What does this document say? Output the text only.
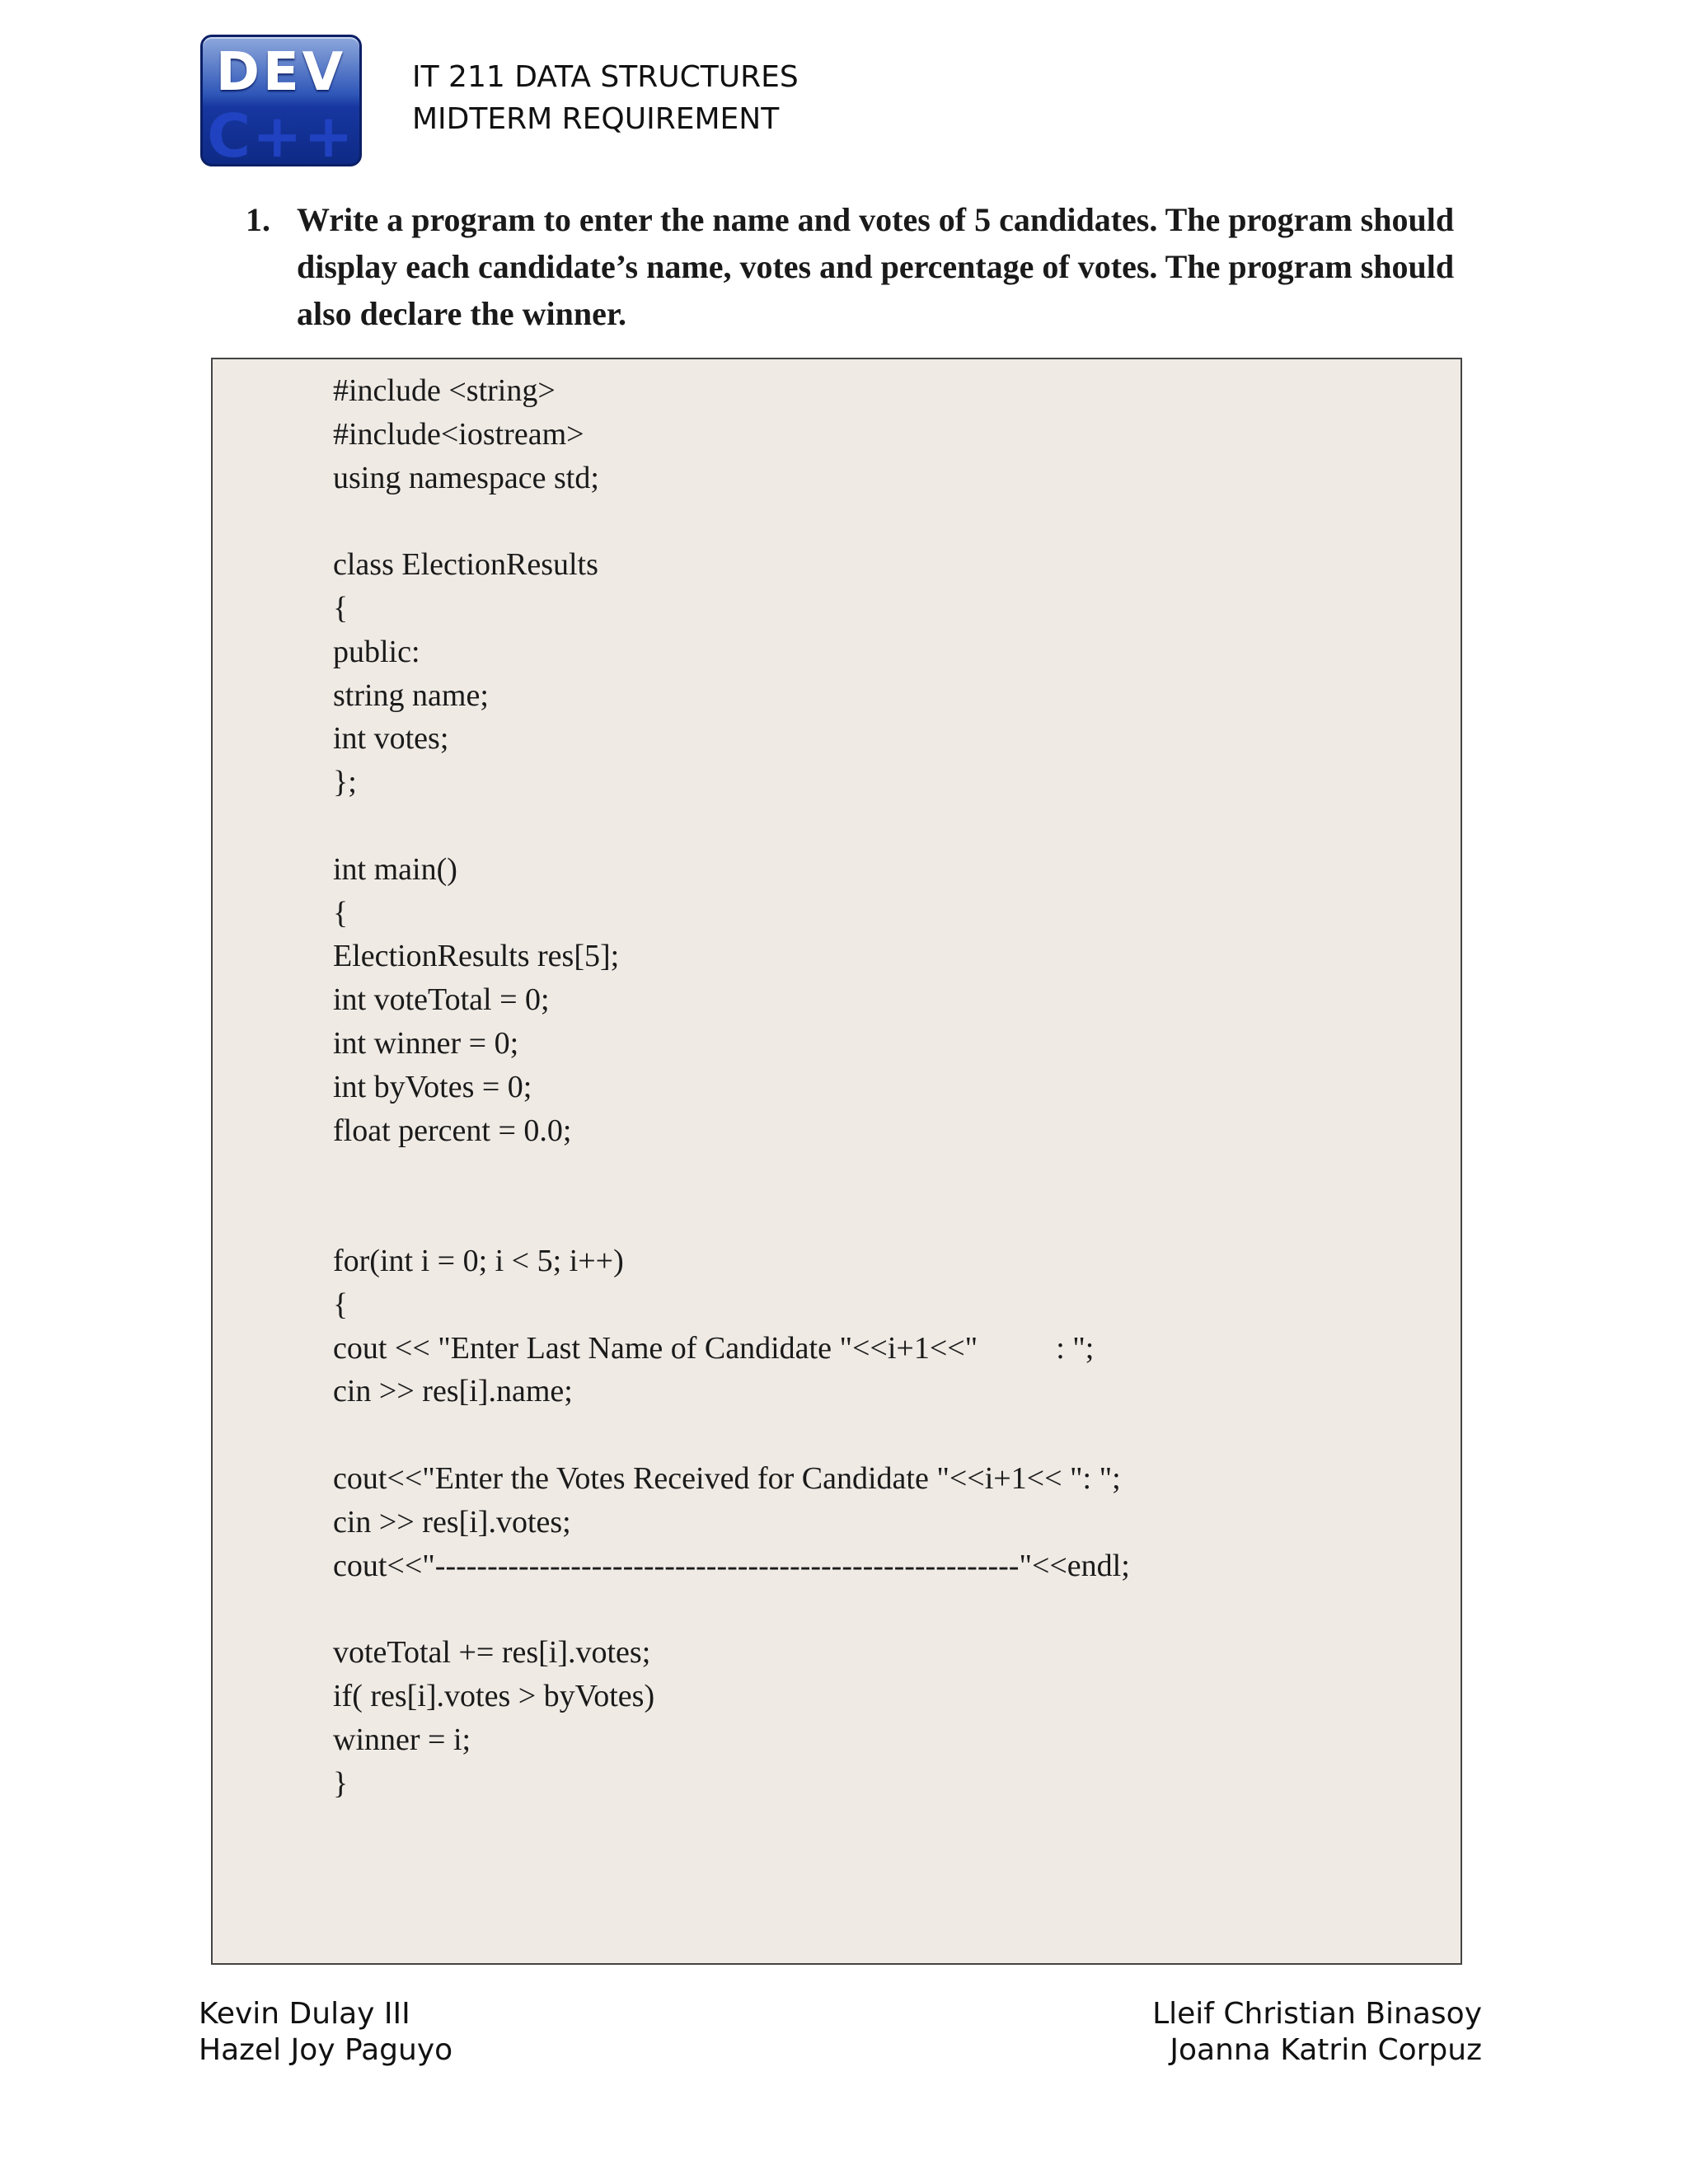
DEV
C++
IT 211 DATA STRUCTURES
MIDTERM REQUIREMENT
1. Write a program to enter the name and votes of 5 candidates. The program should display each candidate’s name, votes and percentage of votes. The program should also declare the winner.
#include <string>
#include<iostream>
using namespace std;
class ElectionResults
{
public:
string name;
int votes;
};
int main()
{
ElectionResults res[5];
int voteTotal = 0;
int winner = 0;
int byVotes = 0;
float percent = 0.0;
for(int i = 0; i < 5; i++)
{
cout << "Enter Last Name of Candidate "<<i+1<<"          : ";
cin >> res[i].name;
cout<<"Enter the Votes Received for Candidate "<<i+1<< ": ";
cin >> res[i].votes;
cout<<"--------------------------------------------------------"<<endl;
voteTotal += res[i].votes;
if( res[i].votes > byVotes)
winner = i;
}
Kevin Dulay III
Hazel Joy Paguyo
Lleif Christian Binasoy
Joanna Katrin Corpuz
